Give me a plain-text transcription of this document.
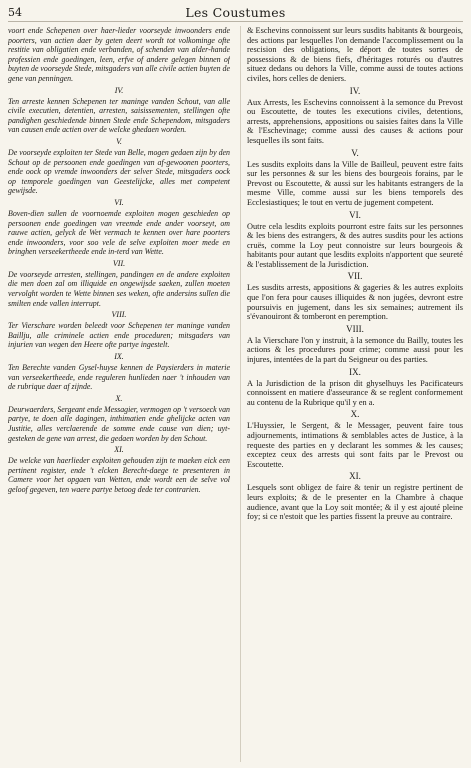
54	Les Coustumes

voort ende Schepenen over haer-lieder voorseyde inwoonders ende poorters, van actien daer by geten deert wordt tot volkominge ofte restitie van obligatien ende verbanden, of schenden van alder-hande professien ende goedingen, leen, erfve of andere gelegen binnen of buyten de voorseyde Stede, mitsgaders van alle civile actien buyten de gene van penningen.

IV.

Ten arreste kennen Schepenen ter maninge vanden Schout, van alle civile executien, detentien, arresten, saisissementen, stellingen ofte pandighen geschiedende binnen Stede ende Schependom, mitsgaders van causen ende actien over de welcke ghedaen worden.

V.

De voorseyde exploiten ter Stede van Belle, mogen gedaen zijn by den Schout op de persoonen ende goedingen van af-gewoonen poorters, ende oock op vremde inwoonders der selver Stede, mitsgaders oock op temporele goedingen van Geestelijcke, alles met competent gewijsde.

VI.

Boven-dien sullen de voornoemde exploiten mogen geschieden op persoonen ende goedingen van vreemde ende ander voorseyt, om rauwe actien, gelyck de Wet vermach te kennen over hare poorters ende inwoonders, voor soo vele de selve exploiten moer mede en bringhen verseekertheede ende in-terd van Wette.

VII.

De voorseyde arresten, stellingen, pandingen en de andere exploiten die men doen zal om illiquide en ongewijsde saeken, zullen moeten vervolght worden te Wette binnen ses weken, ofte andersins sullen die smilten ende vallen interrupt.

VIII.

Ter Vierschare worden beleedt voor Schepenen ter maninge vanden Baillju, alle criminele actien ende proceduren; mitsgaders van injurien van wegen den Heere ofte partye ingestelt.

IX.

Ten Berechte vanden Gysel-huyse kennen de Paysierders in materie van verseekertheede, ende reguleren hunlieden naer 't inhouden van de rubrique daer af zijnde.

X.

Deurwaerders, Sergeant ende Messagier, vermogen op 't versoeck van partye, te doen alle dagingen, inthimatien ende ghelijcke acten van Justitie, alles verclaerende de somme ende cause van dien; uyt-gesteken de gene van arrest, die gedaen worden by den Schout.

XI.

De welcke van haerlieder exploiten gehouden zijn te maeken eick een pertinent register, ende 't elcken Berecht-daege te presenteren in Camere voor het opgaen van Wetten, ende wordt een de selve vol geloof gegeven, ten waere partye betoog dede ter contrarien.

& Eschevins connoissent sur leurs susdits habitants & bourgeois, des actions par lesquelles l'on demande l'accomplissement ou la rescision des obligations, le déport de toutes sortes de possessions & de biens fiefs, d'héritages roturés ou d'autres situez dedans ou dehors la Ville, comme aussi de toutes actions civiles, hors celles de deniers.

IV.

Aux Arrests, les Eschevins connoissent à la semonce du Prevost ou Escoutette, de toutes les executions civiles, detentions, arrests, apprehensions, appositions ou saisies faites dans la Ville & l'Eschevinage; comme aussi des causes & actions pour lesquelles ils sont faits.

V.

Les susdits exploits dans la Ville de Bailleul, peuvent estre faits sur les personnes & sur les biens des bourgeois forains, par le Prevost ou Escoutette, & aussi sur les habitants estrangers de la mesme Ville, comme aussi sur les biens temporels des Ecclesiastiques; le tout en vertu de jugement competent.

VI.

Outre cela lesdits exploits pourront estre faits sur les personnes & les biens des estrangers, & des autres susdits pour les actions cruës, comme la Loy peut connoistre sur leurs bourgeois & habitants pour autant que lesdits exploits n'apportent que seureté & l'establissement de la Jurisdiction.

VII.

Les susdits arrests, appositions & gageries & les autres exploits que l'on fera pour causes illiquides & non jugées, devront estre poursuivis en jugement, dans les six semaines; autrement ils s'évanouiront & tomberont en peremption.

VIII.

A la Vierschare l'on y instruit, à la semonce du Bailly, toutes les actions & les procedures pour crime; comme aussi pour les injures, intentées de la part du Seigneur ou des parties.

IX.

A la Jurisdiction de la prison dit ghyselhuys les Pacificateurs connoissent en matiere d'asseurance & se reglent conformement au contenu de la Rubrique qu'il y en a.

X.

L'Huyssier, le Sergent, & le Messager, peuvent faire tous adjournements, intimations & semblables actes de Justice, à la requeste des parties en y declarant les sommes & les causes; exceptez ceux des arrests qui sont faits par le Prevost ou Escoutette.

XI.

Lesquels sont obligez de faire & tenir un registre pertinent de leurs exploits; & de le presenter en la Chambre à chaque audience, avant que la Loy soit montée; & il y est ajouté pleine foy; si ce n'estoit que les parties fissent la preuve au contraire.
